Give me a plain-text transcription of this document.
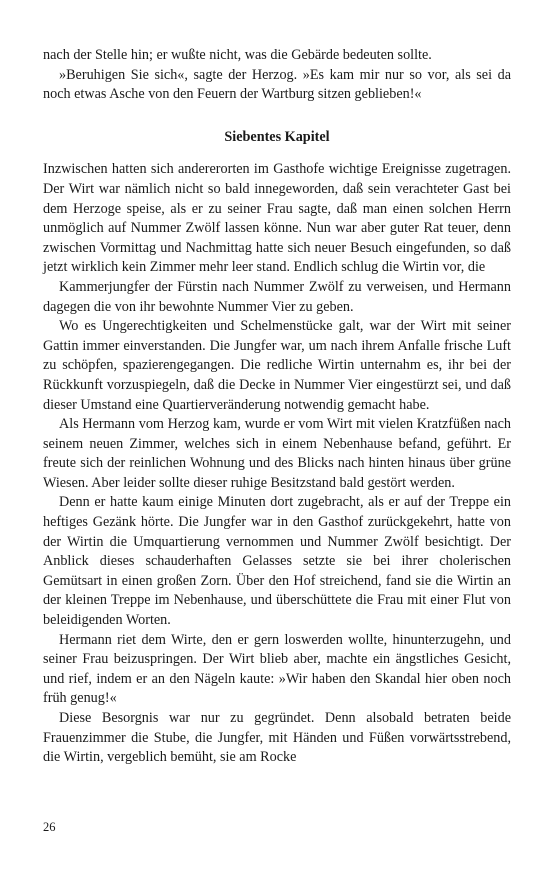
nach der Stelle hin; er wußte nicht, was die Gebärde bedeuten sollte.

»Beruhigen Sie sich«, sagte der Herzog. »Es kam mir nur so vor, als sei da noch etwas Asche von den Feuern der Wartburg sitzen geblieben!«

Siebentes Kapitel

Inzwischen hatten sich andererorten im Gasthofe wichtige Ereignisse zugetragen. Der Wirt war nämlich nicht so bald innegeworden, daß sein verachteter Gast bei dem Herzoge speise, als er zu seiner Frau sagte, daß man einen solchen Herrn unmöglich auf Nummer Zwölf lassen könne. Nun war aber guter Rat teuer, denn zwischen Vormittag und Nachmittag hatte sich neuer Besuch eingefunden, so daß jetzt wirklich kein Zimmer mehr leer stand. Endlich schlug die Wirtin vor, die

Kammerjungfer der Fürstin nach Nummer Zwölf zu verweisen, und Hermann dagegen die von ihr bewohnte Nummer Vier zu geben.

Wo es Ungerechtigkeiten und Schelmenstücke galt, war der Wirt mit seiner Gattin immer einverstanden. Die Jungfer war, um nach ihrem Anfalle frische Luft zu schöpfen, spazierengegangen. Die redliche Wirtin unternahm es, ihr bei der Rückkunft vorzuspiegeln, daß die Decke in Nummer Vier eingestürzt sei, und daß dieser Umstand eine Quartierveränderung notwendig gemacht habe.

Als Hermann vom Herzog kam, wurde er vom Wirt mit vielen Kratzfüßen nach seinem neuen Zimmer, welches sich in einem Nebenhause befand, geführt. Er freute sich der reinlichen Wohnung und des Blicks nach hinten hinaus über grüne Wiesen. Aber leider sollte dieser ruhige Besitzstand bald gestört werden.

Denn er hatte kaum einige Minuten dort zugebracht, als er auf der Treppe ein heftiges Gezänk hörte. Die Jungfer war in den Gasthof zurückgekehrt, hatte von der Wirtin die Umquartierung vernommen und Nummer Zwölf besichtigt. Der Anblick dieses schauderhaften Gelasses setzte sie bei ihrer cholerischen Gemütsart in einen großen Zorn. Über den Hof streichend, fand sie die Wirtin an der kleinen Treppe im Nebenhause, und überschüttete die Frau mit einer Flut von beleidigenden Worten.

Hermann riet dem Wirte, den er gern loswerden wollte, hinunterzugehn, und seiner Frau beizuspringen. Der Wirt blieb aber, machte ein ängstliches Gesicht, und rief, indem er an den Nägeln kaute: »Wir haben den Skandal hier oben noch früh genug!«

Diese Besorgnis war nur zu gegründet. Denn alsobald betraten beide Frauenzimmer die Stube, die Jungfer, mit Händen und Füßen vorwärtsstrebend, die Wirtin, vergeblich bemüht, sie am Rocke

26
